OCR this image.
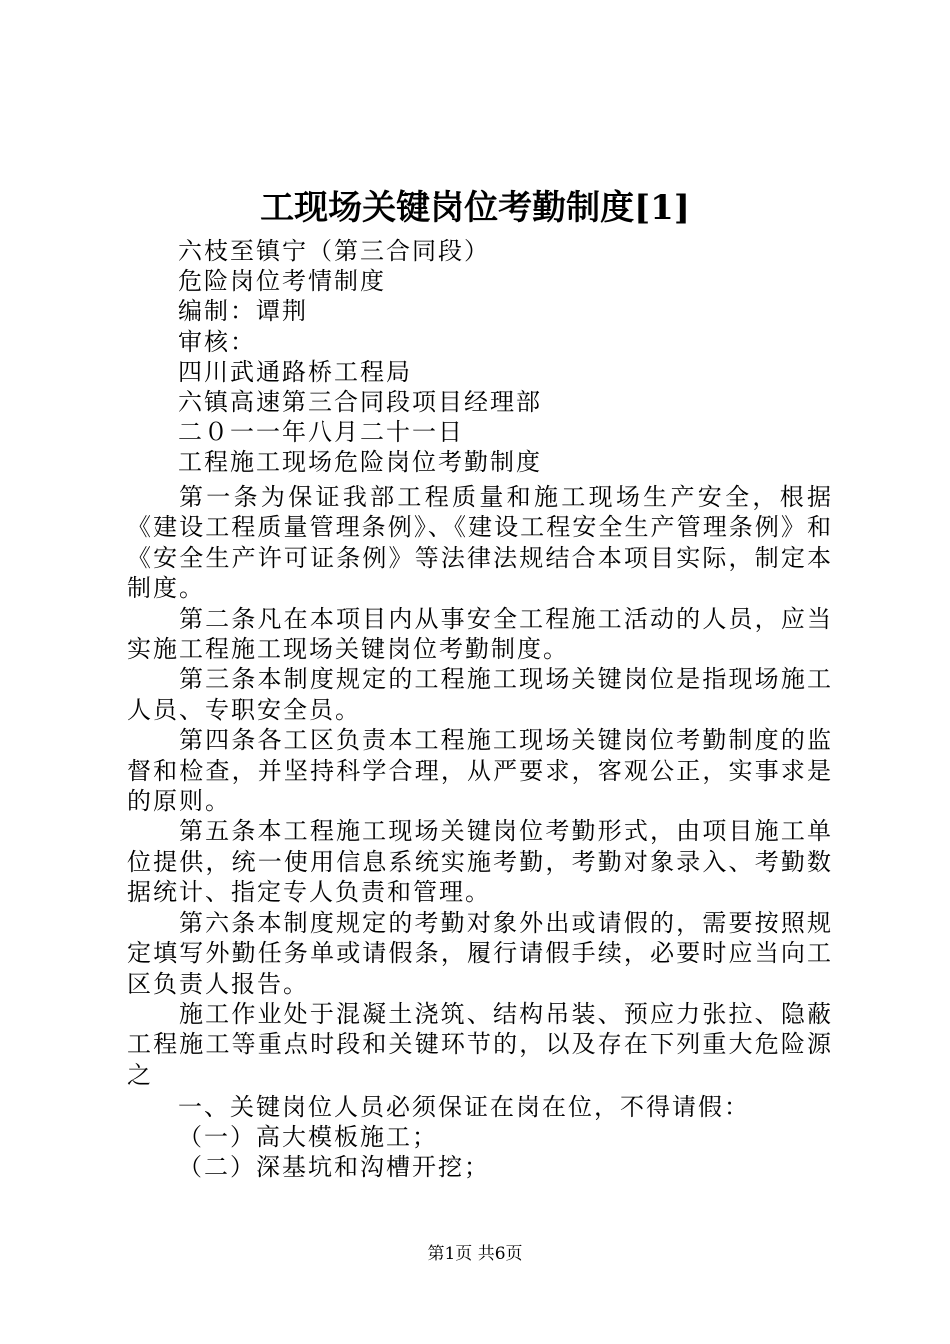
工现场关键岗位考勤制度[1]
六枝至镇宁（第三合同段）
危险岗位考情制度
编制：谭荆
审核：
四川武通路桥工程局
六镇高速第三合同段项目经理部
二０一一年八月二十一日
工程施工现场危险岗位考勤制度

第一条为保证我部工程质量和施工现场生产安全，根据《建设工程质量管理条例》、《建设工程安全生产管理条例》和《安全生产许可证条例》等法律法规结合本项目实际，制定本制度。

第二条凡在本项目内从事安全工程施工活动的人员，应当实施工程施工现场关键岗位考勤制度。

第三条本制度规定的工程施工现场关键岗位是指现场施工人员、专职安全员。

第四条各工区负责本工程施工现场关键岗位考勤制度的监督和检查，并坚持科学合理，从严要求，客观公正，实事求是的原则。

第五条本工程施工现场关键岗位考勤形式，由项目施工单位提供，统一使用信息系统实施考勤，考勤对象录入、考勤数据统计、指定专人负责和管理。

第六条本制度规定的考勤对象外出或请假的，需要按照规定填写外勤任务单或请假条，履行请假手续，必要时应当向工区负责人报告。

施工作业处于混凝土浇筑、结构吊装、预应力张拉、隐蔽工程施工等重点时段和关键环节的，以及存在下列重大危险源之

一、关键岗位人员必须保证在岗在位，不得请假：
（一）高大模板施工；
（二）深基坑和沟槽开挖；
第1页 共6页
